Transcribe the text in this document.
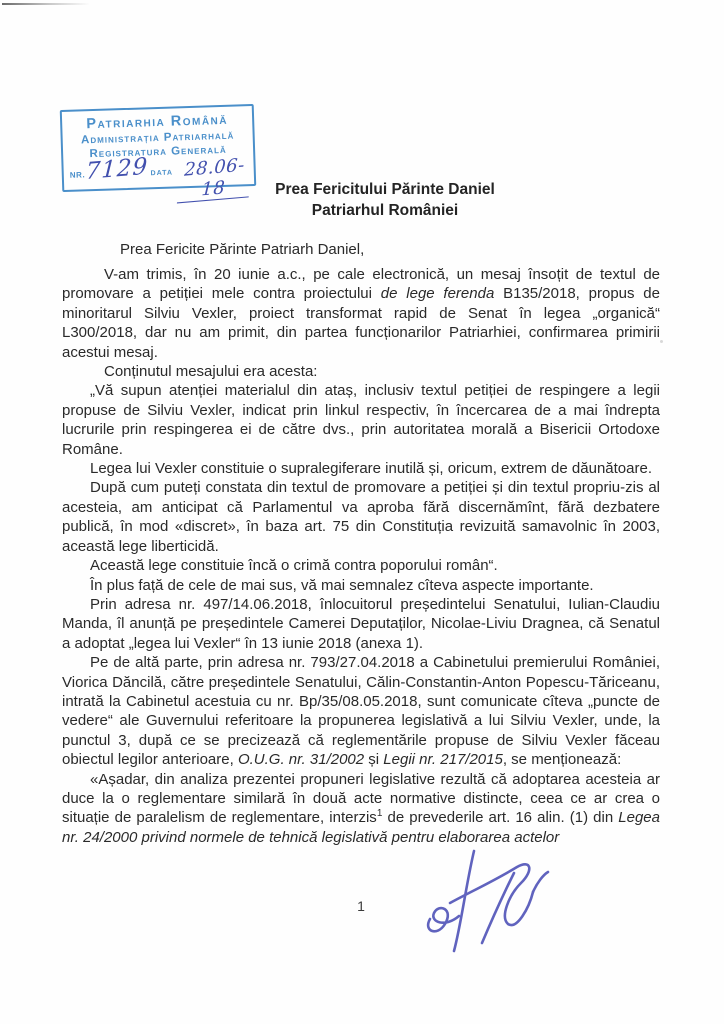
Patriarhia Română
Administrația Patriarhală
Registratura Generală
NR. 7129 data 28.06-18	Prea Fericitului Părinte Daniel
Patriarhul României

Prea Fericite Părinte Patriarh Daniel,

V-am trimis, în 20 iunie a.c., pe cale electronică, un mesaj însoțit de textul de promovare a petiției mele contra proiectului de lege ferenda B135/2018, propus de minoritarul Silviu Vexler, proiect transformat rapid de Senat în legea „organică“ L300/2018, dar nu am primit, din partea funcționarilor Patriarhiei, confirmarea primirii acestui mesaj.

Conținutul mesajului era acesta:

„Vă supun atenției materialul din ataș, inclusiv textul petiției de respingere a legii propuse de Silviu Vexler, indicat prin linkul respectiv, în încercarea de a mai îndrepta lucrurile prin respingerea ei de către dvs., prin autoritatea morală a Bisericii Ortodoxe Române.

Legea lui Vexler constituie o supralegiferare inutilă și, oricum, extrem de dăunătoare.

După cum puteți constata din textul de promovare a petiției și din textul propriu-zis al acesteia, am anticipat că Parlamentul va aproba fără discernămînt, fără dezbatere publică, în mod «discret», în baza art. 75 din Constituția revizuită samavolnic în 2003, această lege liberticidă.

Această lege constituie încă o crimă contra poporului român“.

În plus față de cele de mai sus, vă mai semnalez cîteva aspecte importante.

Prin adresa nr. 497/14.06.2018, înlocuitorul președintelui Senatului, Iulian-Claudiu Manda, îl anunță pe președintele Camerei Deputaților, Nicolae-Liviu Dragnea, că Senatul a adoptat „legea lui Vexler“ în 13 iunie 2018 (anexa 1).

Pe de altă parte, prin adresa nr. 793/27.04.2018 a Cabinetului premierului României, Viorica Dăncilă, către președintele Senatului, Călin-Constantin-Anton Popescu-Tăriceanu, intrată la Cabinetul acestuia cu nr. Bp/35/08.05.2018, sunt comunicate cîteva „puncte de vedere“ ale Guvernului referitoare la propunerea legislativă a lui Silviu Vexler, unde, la punctul 3, după ce se precizează că reglementările propuse de Silviu Vexler făceau obiectul legilor anterioare, O.U.G. nr. 31/2002 și Legii nr. 217/2015, se menționează:

«Așadar, din analiza prezentei propuneri legislative rezultă că adoptarea acesteia ar duce la o reglementare similară în două acte normative distincte, ceea ce ar crea o situație de paralelism de reglementare, interzis$^1$ de prevederile art. 16 alin. (1) din Legea nr. 24/2000 privind normele de tehnică legislativă pentru elaborarea actelor

1
